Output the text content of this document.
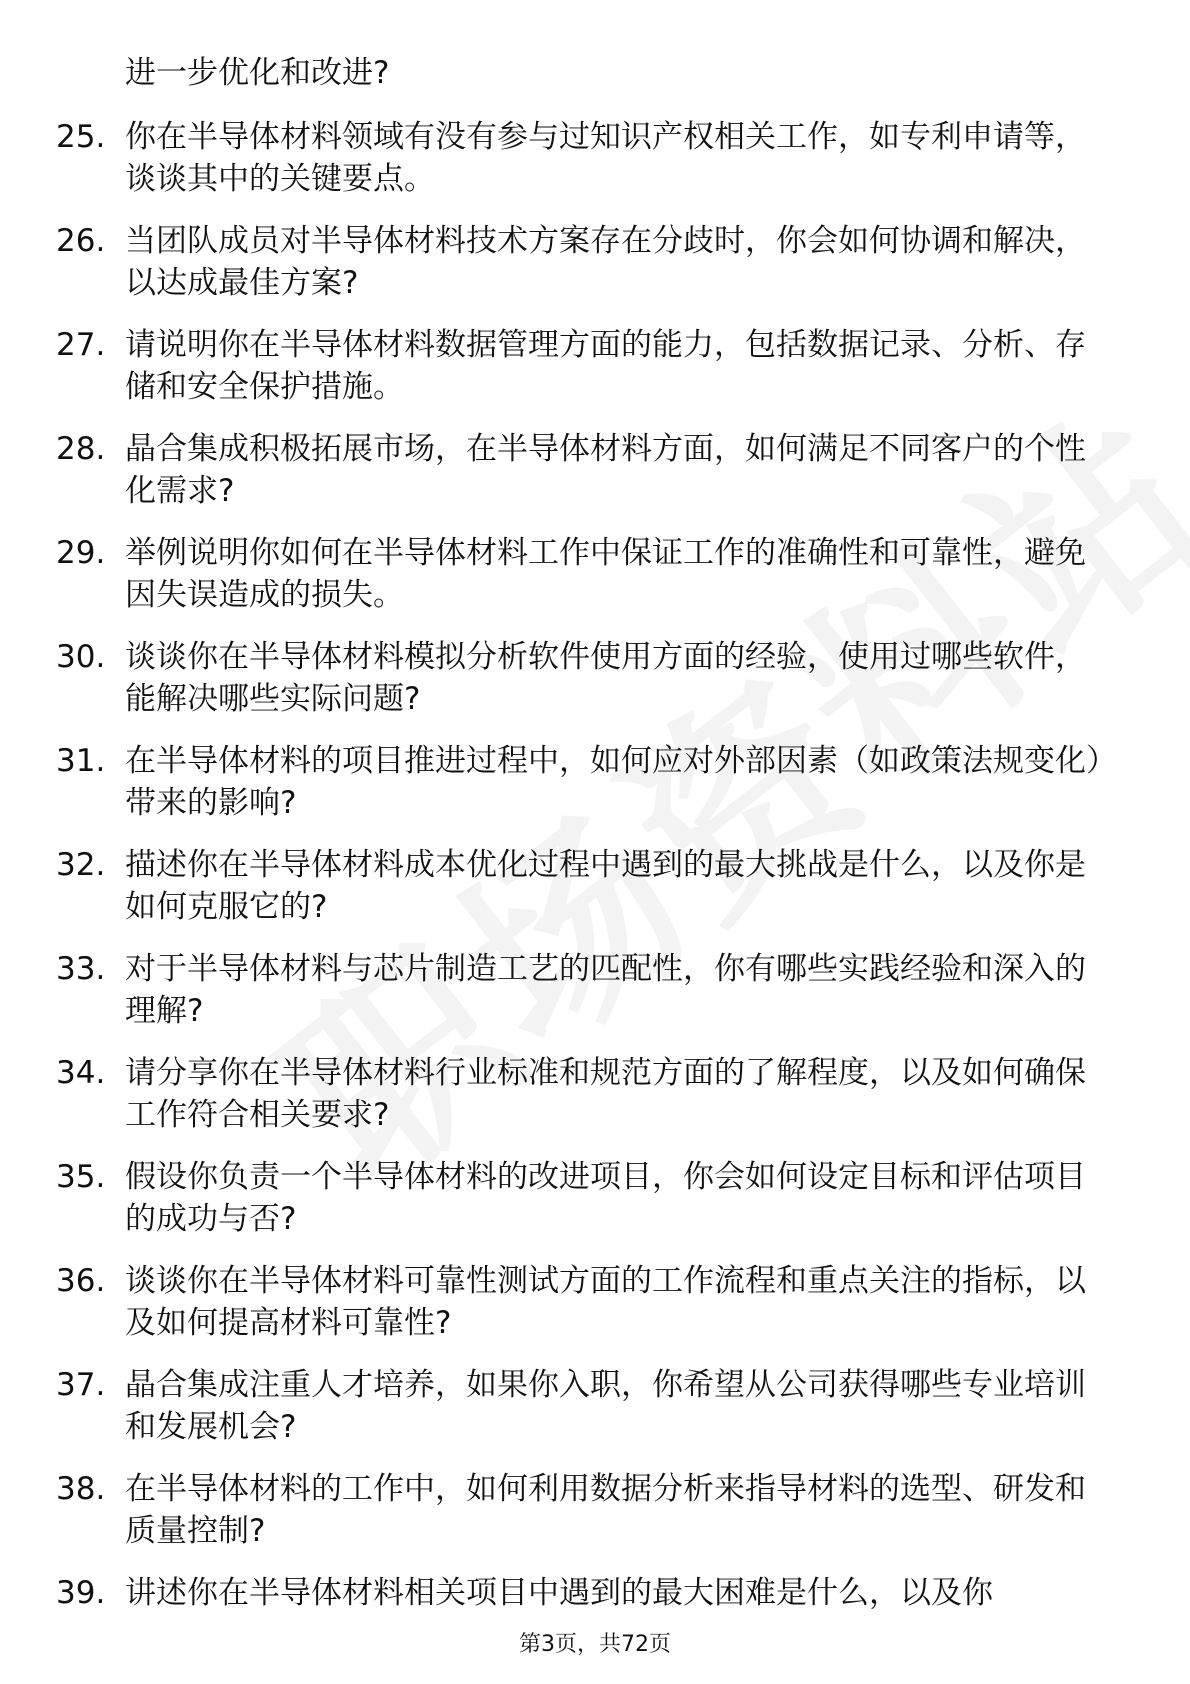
进一步优化和改进?
25. 你在半导体材料领域有没有参与过知识产权相关工作，如专利申请等，谈谈其中的关键要点。
26. 当团队成员对半导体材料技术方案存在分歧时，你会如何协调和解决，以达成最佳方案?
27. 请说明你在半导体材料数据管理方面的能力，包括数据记录、分析、存储和安全保护措施。
28. 晶合集成积极拓展市场，在半导体材料方面，如何满足不同客户的个性化需求?
29. 举例说明你如何在半导体材料工作中保证工作的准确性和可靠性，避免因失误造成的损失。
30. 谈谈你在半导体材料模拟分析软件使用方面的经验，使用过哪些软件，能解决哪些实际问题?
31. 在半导体材料的项目推进过程中，如何应对外部因素（如政策法规变化）带来的影响?
32. 描述你在半导体材料成本优化过程中遇到的最大挑战是什么，以及你是如何克服它的?
33. 对于半导体材料与芯片制造工艺的匹配性，你有哪些实践经验和深入的理解?
34. 请分享你在半导体材料行业标准和规范方面的了解程度，以及如何确保工作符合相关要求?
35. 假设你负责一个半导体材料的改进项目，你会如何设定目标和评估项目的成功与否?
36. 谈谈你在半导体材料可靠性测试方面的工作流程和重点关注的指标，以及如何提高材料可靠性?
37. 晶合集成注重人才培养，如果你入职，你希望从公司获得哪些专业培训和发展机会?
38. 在半导体材料的工作中，如何利用数据分析来指导材料的选型、研发和质量控制?
39. 讲述你在半导体材料相关项目中遇到的最大困难是什么，以及你
第3页，共72页
